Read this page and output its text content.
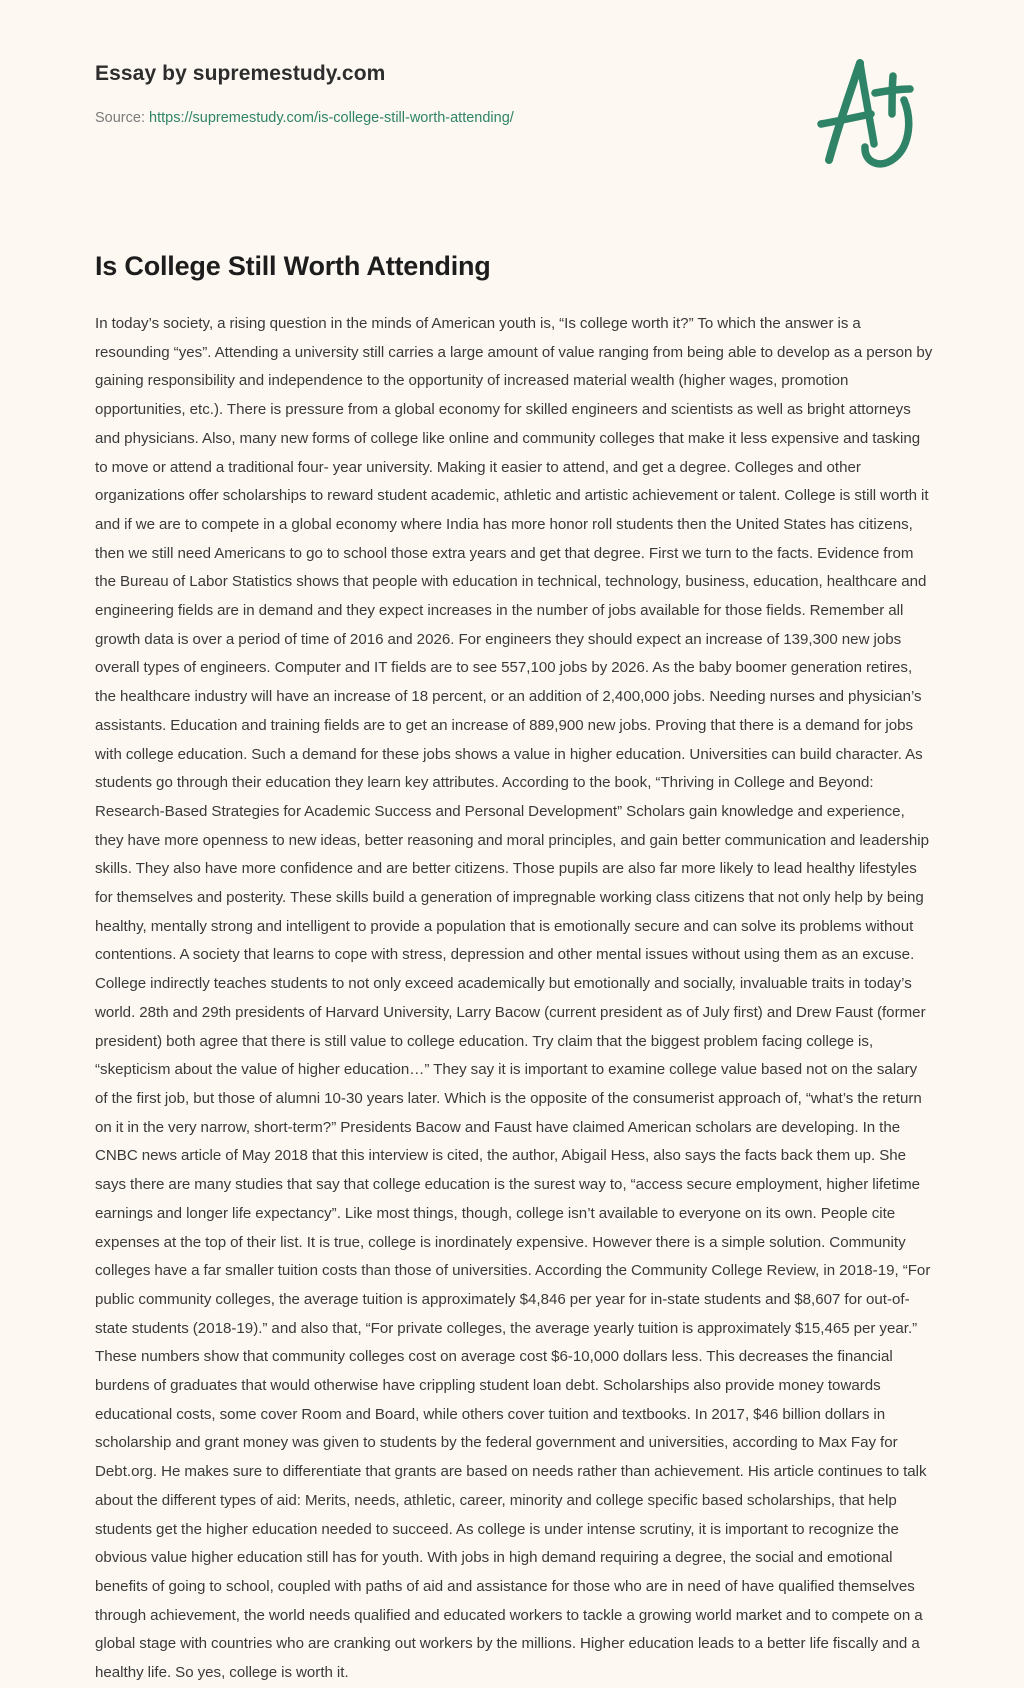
Essay by supremestudy.com

Source: https://supremestudy.com/is-college-still-worth-attending/

Is College Still Worth Attending

In today’s society, a rising question in the minds of American youth is, “Is college worth it?” To which the answer is a resounding “yes”. Attending a university still carries a large amount of value ranging from being able to develop as a person by gaining responsibility and independence to the opportunity of increased material wealth (higher wages, promotion opportunities, etc.). There is pressure from a global economy for skilled engineers and scientists as well as bright attorneys and physicians. Also, many new forms of college like online and community colleges that make it less expensive and tasking to move or attend a traditional four- year university. Making it easier to attend, and get a degree. Colleges and other organizations offer scholarships to reward student academic, athletic and artistic achievement or talent. College is still worth it and if we are to compete in a global economy where India has more honor roll students then the United States has citizens, then we still need Americans to go to school those extra years and get that degree. First we turn to the facts. Evidence from the Bureau of Labor Statistics shows that people with education in technical, technology, business, education, healthcare and engineering fields are in demand and they expect increases in the number of jobs available for those fields. Remember all growth data is over a period of time of 2016 and 2026. For engineers they should expect an increase of 139,300 new jobs overall types of engineers. Computer and IT fields are to see 557,100 jobs by 2026. As the baby boomer generation retires, the healthcare industry will have an increase of 18 percent, or an addition of 2,400,000 jobs. Needing nurses and physician’s assistants. Education and training fields are to get an increase of 889,900 new jobs. Proving that there is a demand for jobs with college education. Such a demand for these jobs shows a value in higher education. Universities can build character. As students go through their education they learn key attributes. According to the book, “Thriving in College and Beyond: Research-Based Strategies for Academic Success and Personal Development” Scholars gain knowledge and experience, they have more openness to new ideas, better reasoning and moral principles, and gain better communication and leadership skills. They also have more confidence and are better citizens. Those pupils are also far more likely to lead healthy lifestyles for themselves and posterity. These skills build a generation of impregnable working class citizens that not only help by being healthy, mentally strong and intelligent to provide a population that is emotionally secure and can solve its problems without contentions. A society that learns to cope with stress, depression and other mental issues without using them as an excuse. College indirectly teaches students to not only exceed academically but emotionally and socially, invaluable traits in today’s world. 28th and 29th presidents of Harvard University, Larry Bacow (current president as of July first) and Drew Faust (former president) both agree that there is still value to college education. Try claim that the biggest problem facing college is, “skepticism about the value of higher education…” They say it is important to examine college value based not on the salary of the first job, but those of alumni 10-30 years later. Which is the opposite of the consumerist approach of, “what’s the return on it in the very narrow, short-term?” Presidents Bacow and Faust have claimed American scholars are developing. In the CNBC news article of May 2018 that this interview is cited, the author, Abigail Hess, also says the facts back them up. She says there are many studies that say that college education is the surest way to, “access secure employment, higher lifetime earnings and longer life expectancy”. Like most things, though, college isn’t available to everyone on its own. People cite expenses at the top of their list. It is true, college is inordinately expensive. However there is a simple solution. Community colleges have a far smaller tuition costs than those of universities. According the Community College Review, in 2018-19, “For public community colleges, the average tuition is approximately $4,846 per year for in-state students and $8,607 for out-of-state students (2018-19).” and also that, “For private colleges, the average yearly tuition is approximately $15,465 per year.” These numbers show that community colleges cost on average cost $6-10,000 dollars less. This decreases the financial burdens of graduates that would otherwise have crippling student loan debt. Scholarships also provide money towards educational costs, some cover Room and Board, while others cover tuition and textbooks. In 2017, $46 billion dollars in scholarship and grant money was given to students by the federal government and universities, according to Max Fay for Debt.org. He makes sure to differentiate that grants are based on needs rather than achievement. His article continues to talk about the different types of aid: Merits, needs, athletic, career, minority and college specific based scholarships, that help students get the higher education needed to succeed. As college is under intense scrutiny, it is important to recognize the obvious value higher education still has for youth. With jobs in high demand requiring a degree, the social and emotional benefits of going to school, coupled with paths of aid and assistance for those who are in need of have qualified themselves through achievement, the world needs qualified and educated workers to tackle a growing world market and to compete on a global stage with countries who are cranking out workers by the millions. Higher education leads to a better life fiscally and a healthy life. So yes, college is worth it.
